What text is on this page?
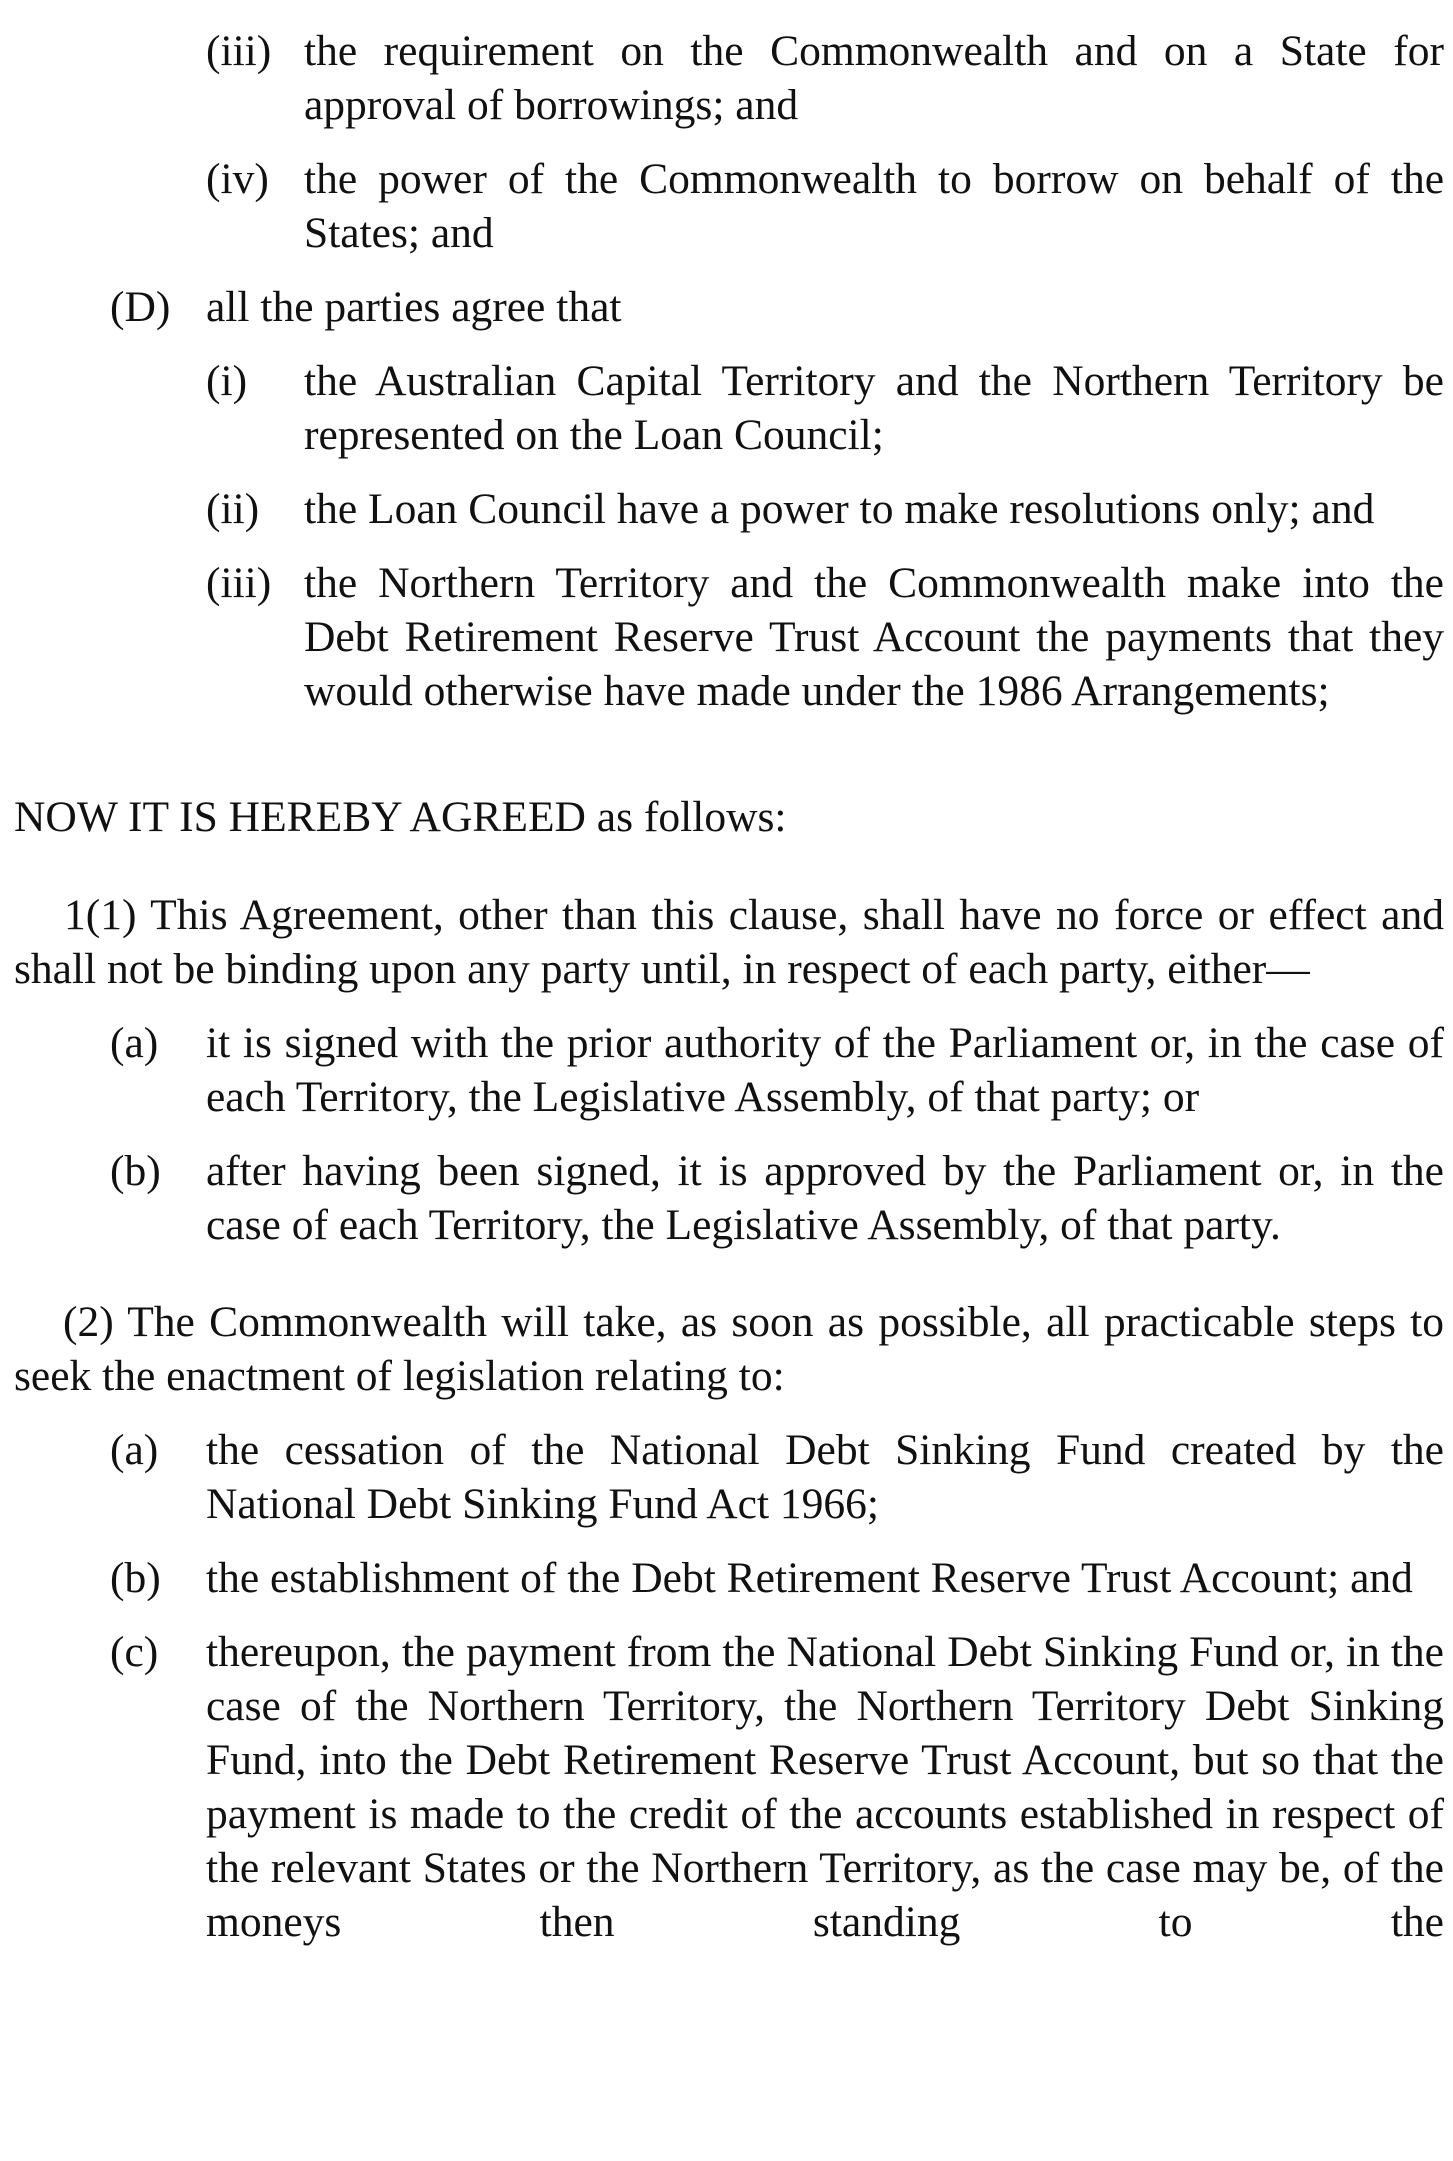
(iii) the requirement on the Commonwealth and on a State for approval of borrowings; and
(iv) the power of the Commonwealth to borrow on behalf of the States; and
(D) all the parties agree that
(i) the Australian Capital Territory and the Northern Territory be represented on the Loan Council;
(ii) the Loan Council have a power to make resolutions only; and
(iii) the Northern Territory and the Commonwealth make into the Debt Retirement Reserve Trust Account the payments that they would otherwise have made under the 1986 Arrangements;

NOW IT IS HEREBY AGREED as follows:

1(1) This Agreement, other than this clause, shall have no force or effect and shall not be binding upon any party until, in respect of each party, either—

(a) it is signed with the prior authority of the Parliament or, in the case of each Territory, the Legislative Assembly, of that party; or
(b) after having been signed, it is approved by the Parliament or, in the case of each Territory, the Legislative Assembly, of that party.

(2) The Commonwealth will take, as soon as possible, all practicable steps to seek the enactment of legislation relating to:

(a) the cessation of the National Debt Sinking Fund created by the National Debt Sinking Fund Act 1966;
(b) the establishment of the Debt Retirement Reserve Trust Account; and
(c) thereupon, the payment from the National Debt Sinking Fund or, in the case of the Northern Territory, the Northern Territory Debt Sinking Fund, into the Debt Retirement Reserve Trust Account, but so that the payment is made to the credit of the accounts established in respect of the relevant States or the Northern Territory, as the case may be, of the moneys then standing to the
